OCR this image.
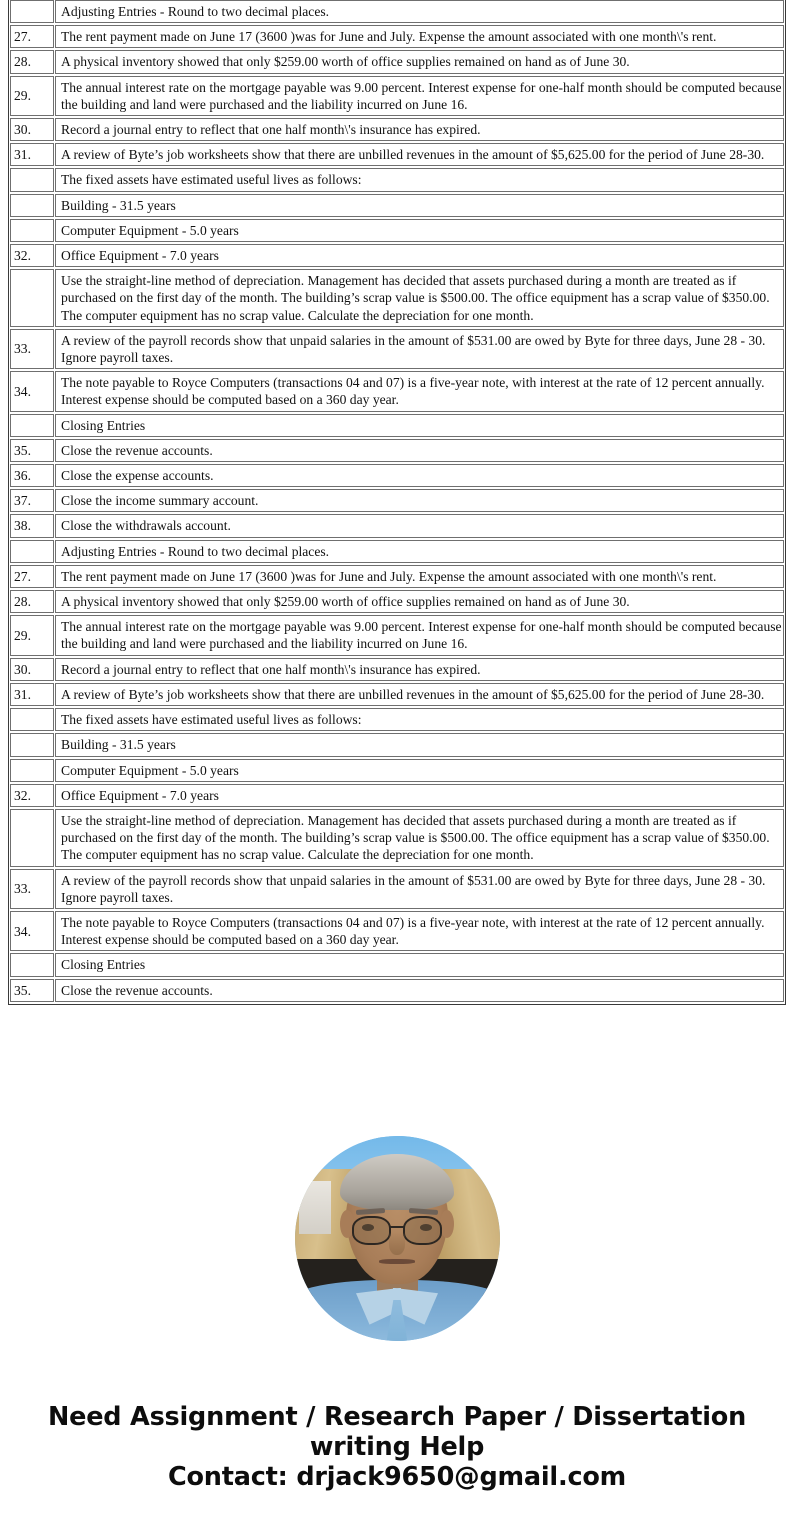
	Adjusting Entries - Round to two decimal places.
27.	The rent payment made on June 17 (3600 )was for June and July. Expense the amount associated with one month\'s rent.
28.	A physical inventory showed that only $259.00 worth of office supplies remained on hand as of June 30.
29.	The annual interest rate on the mortgage payable was 9.00 percent. Interest expense for one-half month should be computed because the building and land were purchased and the liability incurred on June 16.
30.	Record a journal entry to reflect that one half month\'s insurance has expired.
31.	A review of Byte’s job worksheets show that there are unbilled revenues in the amount of $5,625.00 for the period of June 28-30.
	The fixed assets have estimated useful lives as follows:
	Building - 31.5 years
	Computer Equipment - 5.0 years
32.	Office Equipment - 7.0 years
	Use the straight-line method of depreciation. Management has decided that assets purchased during a month are treated as if purchased on the first day of the month. The building’s scrap value is $500.00. The office equipment has a scrap value of $350.00. The computer equipment has no scrap value. Calculate the depreciation for one month.
33.	A review of the payroll records show that unpaid salaries in the amount of $531.00 are owed by Byte for three days, June 28 - 30. Ignore payroll taxes.
34.	The note payable to Royce Computers (transactions 04 and 07) is a five-year note, with interest at the rate of 12 percent annually. Interest expense should be computed based on a 360 day year.
	Closing Entries
35.	Close the revenue accounts.
36.	Close the expense accounts.
37.	Close the income summary account.
38.	Close the withdrawals account.
	Adjusting Entries - Round to two decimal places.
27.	The rent payment made on June 17 (3600 )was for June and July. Expense the amount associated with one month\'s rent.
28.	A physical inventory showed that only $259.00 worth of office supplies remained on hand as of June 30.
29.	The annual interest rate on the mortgage payable was 9.00 percent. Interest expense for one-half month should be computed because the building and land were purchased and the liability incurred on June 16.
30.	Record a journal entry to reflect that one half month\'s insurance has expired.
31.	A review of Byte’s job worksheets show that there are unbilled revenues in the amount of $5,625.00 for the period of June 28-30.
	The fixed assets have estimated useful lives as follows:
	Building - 31.5 years
	Computer Equipment - 5.0 years
32.	Office Equipment - 7.0 years
	Use the straight-line method of depreciation. Management has decided that assets purchased during a month are treated as if purchased on the first day of the month. The building’s scrap value is $500.00. The office equipment has a scrap value of $350.00. The computer equipment has no scrap value. Calculate the depreciation for one month.
33.	A review of the payroll records show that unpaid salaries in the amount of $531.00 are owed by Byte for three days, June 28 - 30. Ignore payroll taxes.
34.	The note payable to Royce Computers (transactions 04 and 07) is a five-year note, with interest at the rate of 12 percent annually. Interest expense should be computed based on a 360 day year.
	Closing Entries
35.	Close the revenue accounts.
Need Assignment / Research Paper / Dissertation
writing Help
Contact: drjack9650@gmail.com
